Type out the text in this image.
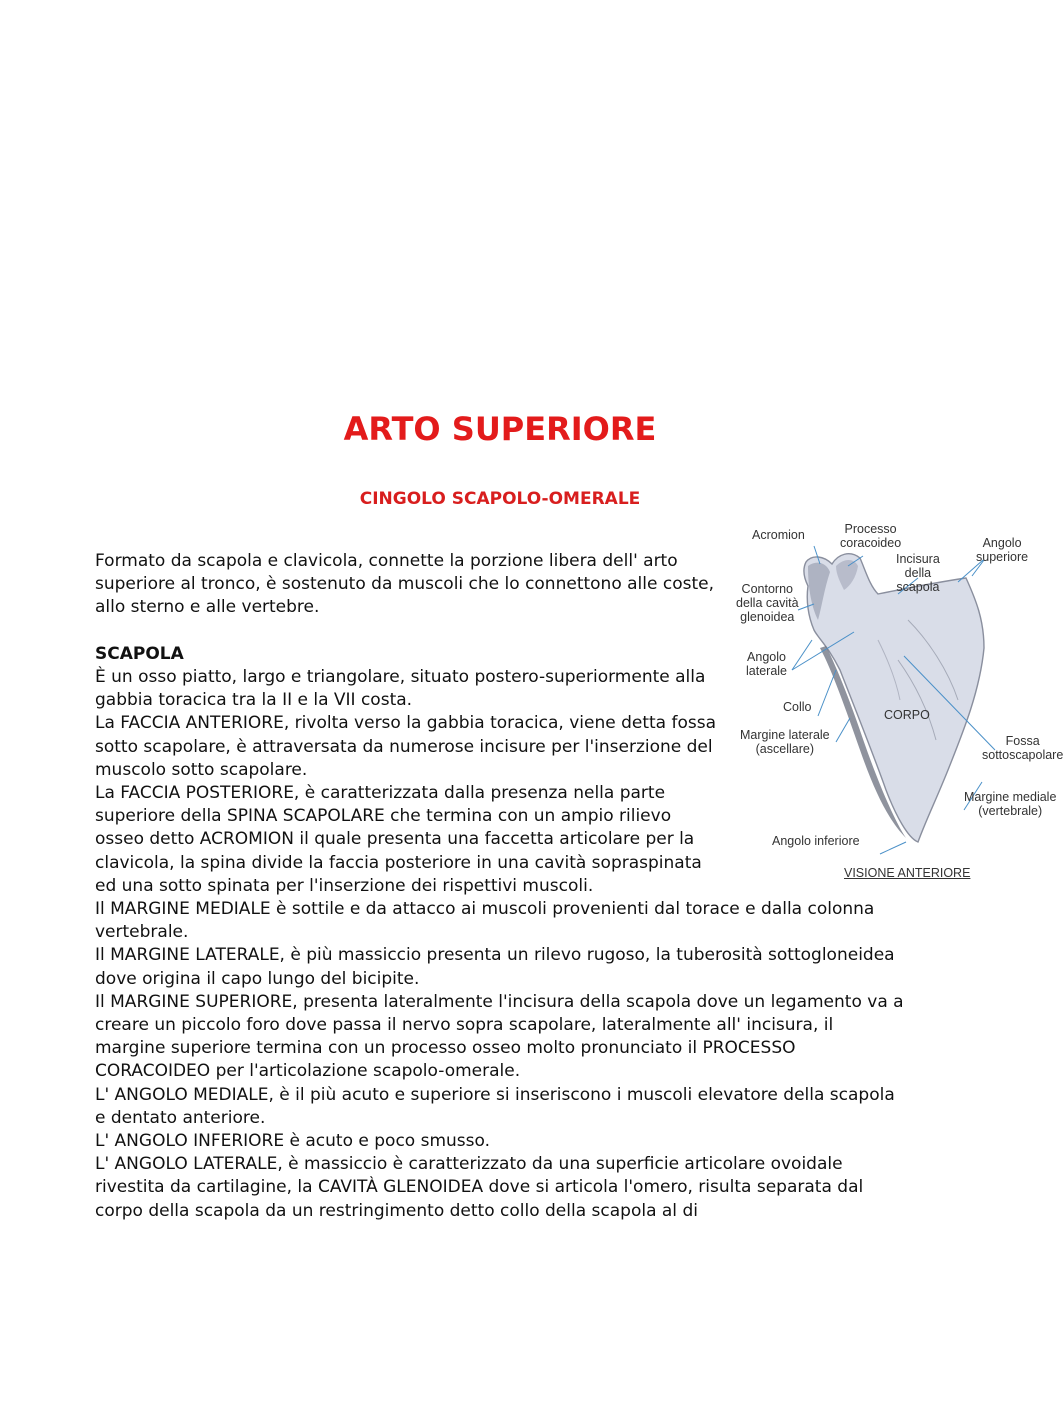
ARTO SUPERIORE
CINGOLO SCAPOLO-OMERALE
Acromion	Processo
coracoideo
Incisura
della
scapola
Angolo
superiore
Contorno
della cavità
glenoidea
Angolo
laterale
Collo
CORPO
Margine laterale
(ascellare)
Fossa
sottoscapolare
Margine mediale
(vertebrale)
Angolo inferiore
VISIONE ANTERIORE

Formato da scapola e clavicola, connette la porzione libera dell' arto superiore al tronco, è sostenuto da muscoli che lo connettono alle coste, allo sterno e alle vertebre.

SCAPOLA

È un osso piatto, largo e triangolare, situato postero-superiormente alla gabbia toracica tra la II e la VII costa.

La FACCIA ANTERIORE, rivolta verso la gabbia toracica, viene detta fossa sotto scapolare, è attraversata da numerose incisure per l'inserzione del muscolo sotto scapolare.

La FACCIA POSTERIORE, è caratterizzata dalla presenza nella parte superiore della SPINA SCAPOLARE che termina con un ampio rilievo osseo detto ACROMION il quale presenta una faccetta articolare per la clavicola, la spina divide la faccia posteriore in una cavità sopraspinata ed una sotto spinata per l'inserzione dei rispettivi muscoli.

Il MARGINE MEDIALE è sottile e da attacco ai muscoli provenienti dal torace e dalla colonna vertebrale.

Il MARGINE LATERALE, è più massiccio presenta un rilevo rugoso, la tuberosità sottogloneidea dove origina il capo lungo del bicipite.

Il MARGINE SUPERIORE, presenta lateralmente l'incisura della scapola dove un legamento va a creare un piccolo foro dove passa il nervo sopra scapolare, lateralmente all' incisura, il margine superiore termina con un processo osseo molto pronunciato il PROCESSO CORACOIDEO per l'articolazione scapolo-omerale.

L' ANGOLO MEDIALE, è il più acuto e superiore si inseriscono i muscoli elevatore della scapola e dentato anteriore.

L' ANGOLO INFERIORE è acuto e poco smusso.

L' ANGOLO LATERALE, è massiccio è caratterizzato da una superficie articolare ovoidale rivestita da cartilagine, la CAVITÀ GLENOIDEA dove si articola l'omero, risulta separata dal corpo della scapola da un restringimento detto collo della scapola al di
